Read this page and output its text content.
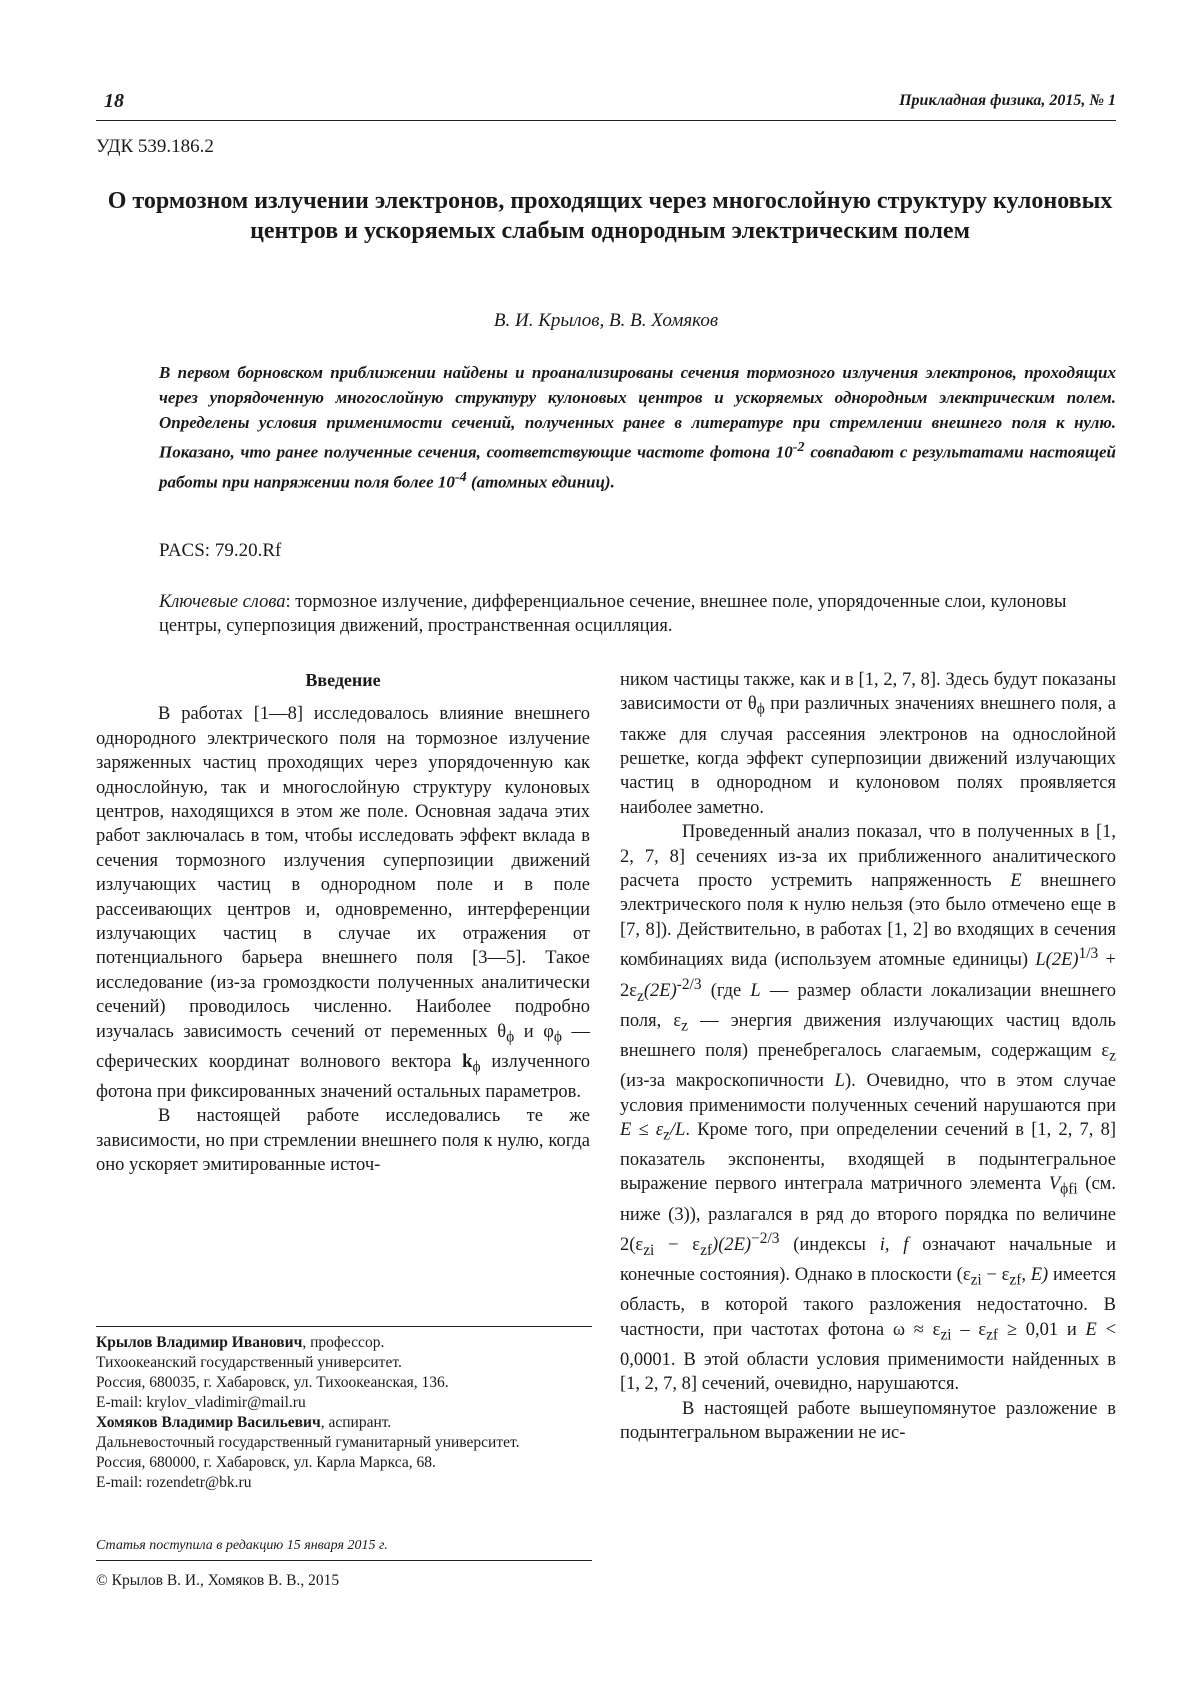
18	Прикладная физика, 2015, № 1
УДК 539.186.2
О тормозном излучении электронов, проходящих через многослойную структуру кулоновых центров и ускоряемых слабым однородным электрическим полем
В. И. Крылов, В. В. Хомяков
В первом борновском приближении найдены и проанализированы сечения тормозного излучения электронов, проходящих через упорядоченную многослойную структуру кулоновых центров и ускоряемых однородным электрическим полем. Определены условия применимости сечений, полученных ранее в литературе при стремлении внешнего поля к нулю. Показано, что ранее полученные сечения, соответствующие частоте фотона $10^{-2}$ совпадают с результатами настоящей работы при напряжении поля более $10^{-4}$ (атомных единиц).
PACS: 79.20.Rf
Ключевые слова: тормозное излучение, дифференциальное сечение, внешнее поле, упорядоченные слои, кулоновы центры, суперпозиция движений, пространственная осцилляция.
Введение

В работах [1—8] исследовалось влияние внешнего однородного электрического поля на тормозное излучение заряженных частиц проходящих через упорядоченную как однослойную, так и многослойную структуру кулоновых центров, находящихся в этом же поле. Основная задача этих работ заключалась в том, чтобы исследовать эффект вклада в сечения тормозного излучения суперпозиции движений излучающих частиц в однородном поле и в поле рассеивающих центров и, одновременно, интерференции излучающих частиц в случае их отражения от потенциального барьера внешнего поля [3—5]. Такое исследование (из-за громоздкости полученных аналитически сечений) проводилось численно. Наиболее подробно изучалась зависимость сечений от переменных $\theta_\phi$ и $\varphi_\phi$ — сферических координат волнового вектора $k_\phi$ излученного фотона при фиксированных значений остальных параметров.

В настоящей работе исследовались те же зависимости, но при стремлении внешнего поля к нулю, когда оно ускоряет эмитированные источ-

ником частицы также, как и в [1, 2, 7, 8]. Здесь будут показаны зависимости от $\theta_\phi$ при различных значениях внешнего поля, а также для случая рассеяния электронов на однослойной решетке, когда эффект суперпозиции движений излучающих частиц в однородном и кулоновом полях проявляется наиболее заметно.

Проведенный анализ показал, что в полученных в [1, 2, 7, 8] сечениях из-за их приближенного аналитического расчета просто устремить напряженность E внешнего электрического поля к нулю нельзя (это было отмечено еще в [7, 8]). Действительно, в работах [1, 2] во входящих в сечения комбинациях вида (используем атомные единицы) $L(2E)^{1/3} + 2\varepsilon_z(2E)^{-2/3}$ (где L — размер области локализации внешнего поля, $\varepsilon_z$ — энергия движения излучающих частиц вдоль внешнего поля) пренебрегалось слагаемым, содержащим $\varepsilon_z$ (из-за макроскопичности L). Очевидно, что в этом случае условия применимости полученных сечений нарушаются при $E \le \varepsilon_z/L$. Кроме того, при определении сечений в [1, 2, 7, 8] показатель экспоненты, входящей в подынтегральное выражение первого интеграла матричного элемента $V_{\phi fi}$ (см. ниже (3)), разлагался в ряд до второго порядка по величине $2(\varepsilon_{zi} - \varepsilon_{zf})(2E)^{-2/3}$ (индексы i, f означают начальные и конечные состояния). Однако в плоскости ($\varepsilon_{zi} - \varepsilon_{zf}$, E) имеется область, в которой такого разложения недостаточно. В частности, при частотах фотона $\omega \approx \varepsilon_{zi} - \varepsilon_{zf} \ge 0,01$ и E < 0,0001. В этой области условия применимости найденных в [1, 2, 7, 8] сечений, очевидно, нарушаются.

В настоящей работе вышеупомянутое разложение в подынтегральном выражении не ис-

Крылов Владимир Иванович, профессор.
Тихоокеанский государственный университет.
Россия, 680035, г. Хабаровск, ул. Тихоокеанская, 136.
E-mail: krylov_vladimir@mail.ru
Хомяков Владимир Васильевич, аспирант.
Дальневосточный государственный гуманитарный университет.
Россия, 680000, г. Хабаровск, ул. Карла Маркса, 68.
E-mail: rozendetr@bk.ru
Статья поступила в редакцию 15 января 2015 г.
© Крылов В. И., Хомяков В. В., 2015
